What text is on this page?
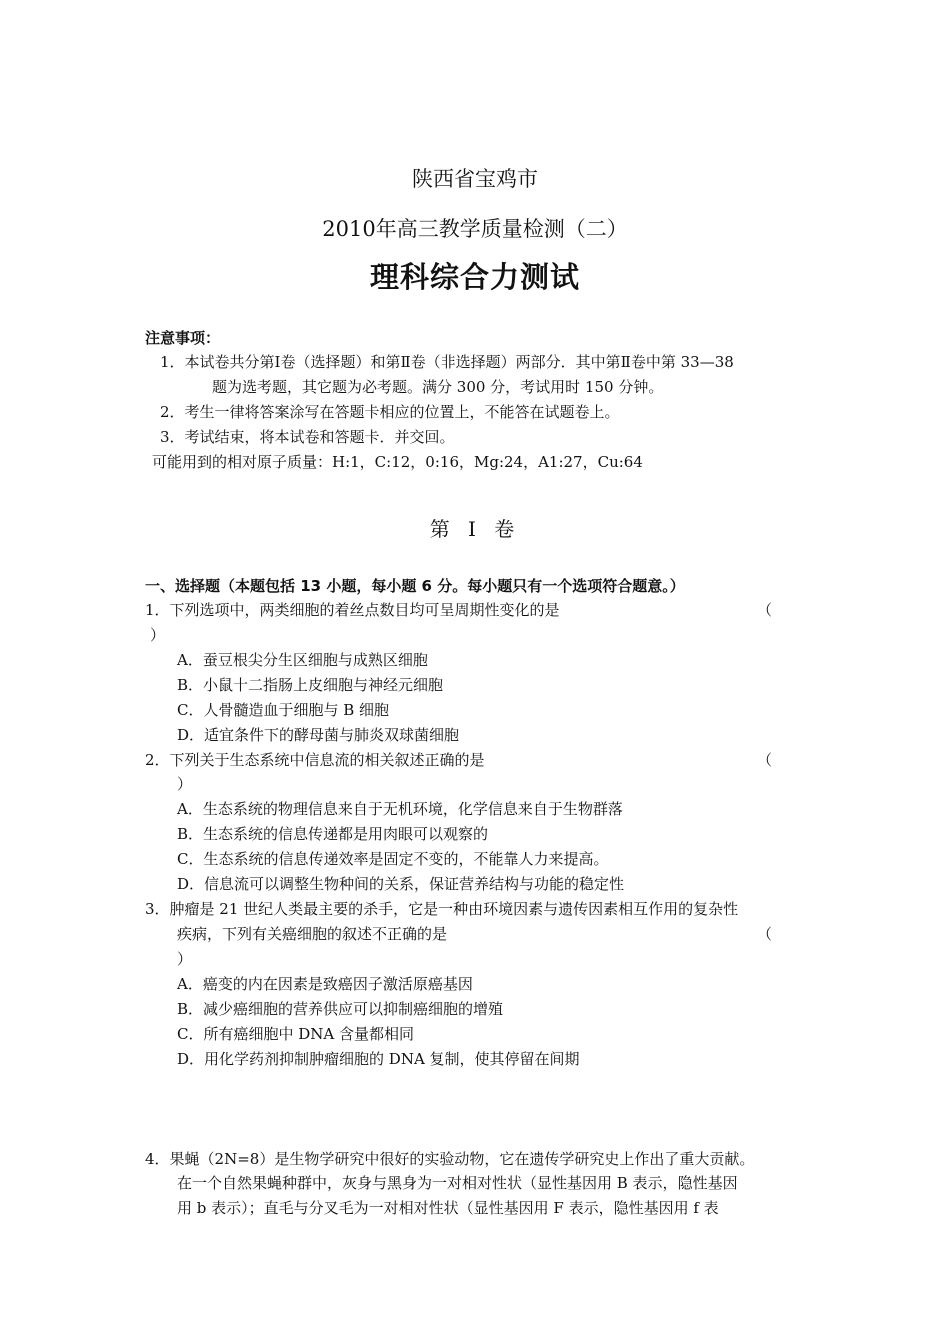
陕西省宝鸡市
2010年高三教学质量检测（二）
理科综合力测试
注意事项：
1．本试卷共分第Ⅰ卷（选择题）和第Ⅱ卷（非选择题）两部分．其中第Ⅱ卷中第 33—38
题为选考题，其它题为必考题。满分 300 分，考试用时 150 分钟。
2．考生一律将答案涂写在答题卡相应的位置上，不能答在试题卷上。
3．考试结束，将本试卷和答题卡．并交回。
可能用到的相对原子质量：H:1，C:12，0:16，Mg:24，A1:27，Cu:64
第 Ⅰ 卷
一、选择题（本题包括 13 小题，每小题 6 分。每小题只有一个选项符合题意。）
1．下列选项中，两类细胞的着丝点数目均可呈周期性变化的是	（
）
A．蚕豆根尖分生区细胞与成熟区细胞
B．小鼠十二指肠上皮细胞与神经元细胞
C．人骨髓造血于细胞与 B 细胞
D．适宜条件下的酵母菌与肺炎双球菌细胞
2．下列关于生态系统中信息流的相关叙述正确的是	（
）
A．生态系统的物理信息来自于无机环境，化学信息来自于生物群落
B．生态系统的信息传递都是用肉眼可以观察的
C．生态系统的信息传递效率是固定不变的，不能靠人力来提高。
D．信息流可以调整生物种间的关系，保证营养结构与功能的稳定性
3．肿瘤是 21 世纪人类最主要的杀手，它是一种由环境因素与遗传因素相互作用的复杂性
疾病，下列有关癌细胞的叙述不正确的是	（
）
A．癌变的内在因素是致癌因子激活原癌基因
B．减少癌细胞的营养供应可以抑制癌细胞的增殖
C．所有癌细胞中 DNA 含量都相同
D．用化学药剂抑制肿瘤细胞的 DNA 复制，使其停留在间期
4．果蝇（2N=8）是生物学研究中很好的实验动物，它在遗传学研究史上作出了重大贡献。
在一个自然果蝇种群中，灰身与黑身为一对相对性状（显性基因用 B 表示，隐性基因
用 b 表示）；直毛与分叉毛为一对相对性状（显性基因用 F 表示，隐性基因用 f 表
